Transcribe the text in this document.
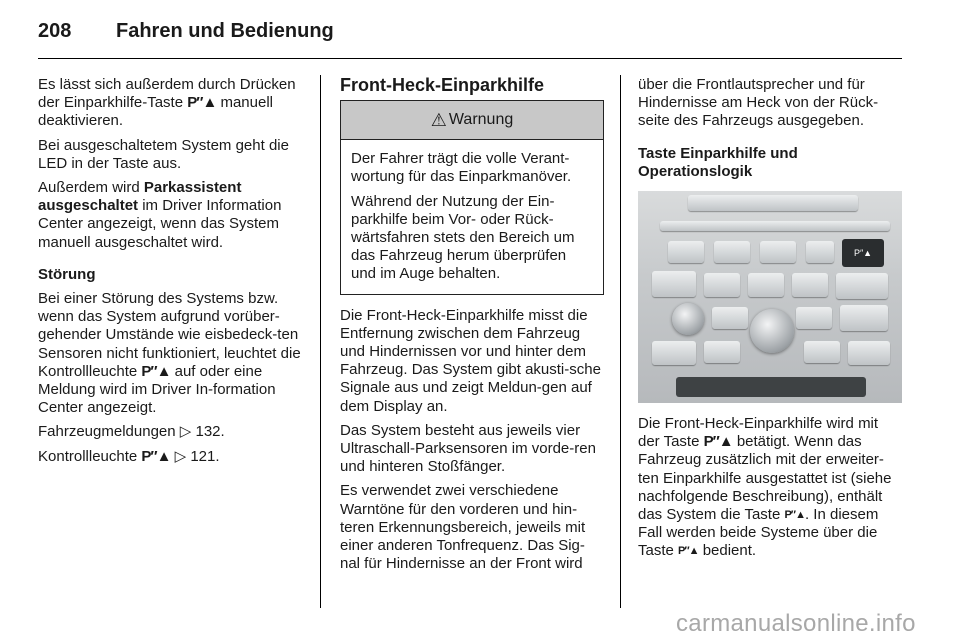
208 Fahren und Bedienung

Es lässt sich außerdem durch Drücken der Einparkhilfe-Taste P″▲ manuell deaktivieren.

Bei ausgeschaltetem System geht die LED in der Taste aus.

Außerdem wird Parkassistent ausgeschaltet im Driver Information Center angezeigt, wenn das System manuell ausgeschaltet wird.

Störung

Bei einer Störung des Systems bzw. wenn das System aufgrund vorüber-gehender Umstände wie eisbedeck-ten Sensoren nicht funktioniert, leuchtet die Kontrollleuchte P″▲ auf oder eine Meldung wird im Driver In-formation Center angezeigt.

Fahrzeugmeldungen ▷ 132.

Kontrollleuchte P″▲ ▷ 121.

Front-Heck-Einparkhilfe

⚠ Warnung

Der Fahrer trägt die volle Verant-wortung für das Einparkmanöver.

Während der Nutzung der Ein-parkhilfe beim Vor- oder Rück-wärtsfahren stets den Bereich um das Fahrzeug herum überprüfen und im Auge behalten.

Die Front-Heck-Einparkhilfe misst die Entfernung zwischen dem Fahrzeug und Hindernissen vor und hinter dem Fahrzeug. Das System gibt akusti-sche Signale aus und zeigt Meldun-gen auf dem Display an.

Das System besteht aus jeweils vier Ultraschall-Parksensoren im vorde-ren und hinteren Stoßfänger.

Es verwendet zwei verschiedene Warntöne für den vorderen und hin-teren Erkennungsbereich, jeweils mit einer anderen Tonfrequenz. Das Sig-nal für Hindernisse an der Front wird

über die Frontlautsprecher und für Hindernisse am Heck von der Rück-seite des Fahrzeugs ausgegeben.

Taste Einparkhilfe und Operationslogik

P″▲

Die Front-Heck-Einparkhilfe wird mit der Taste P″▲ betätigt. Wenn das Fahrzeug zusätzlich mit der erweiter-ten Einparkhilfe ausgestattet ist (siehe nachfolgende Beschreibung), enthält das System die Taste P″▲. In diesem Fall werden beide Systeme über die Taste P″▲ bedient.

carmanualsonline.info
